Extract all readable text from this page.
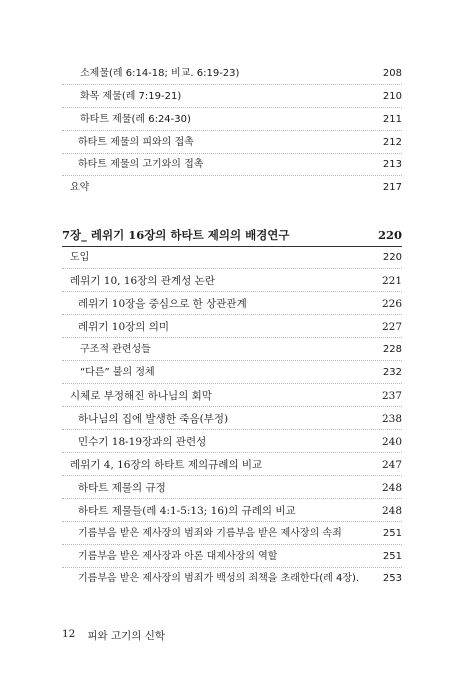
소제물(레 6:14-18; 비교. 6:19-23)	208
화목 제물(레 7:19-21)	210
하타트 제물(레 6:24-30)	211
하타트 제물의 피와의 접촉	212
하타트 제물의 고기와의 접촉	213
요약	217
7장_ 레위기 16장의 하타트 제의의 배경연구	220
도입	220
레위기 10, 16장의 관계성 논란	221
레위기 10장을 중심으로 한 상관관계	226
레위기 10장의 의미	227
구조적 관련성들	228
“다른” 불의 정체	232
시체로 부정해진 하나님의 회막	237
하나님의 집에 발생한 죽음(부정)	238
민수기 18-19장과의 관련성	240
레위기 4, 16장의 하타트 제의규례의 비교	247
하타트 제물의 규정	248
하타트 제물들(레 4:1-5:13; 16)의 규례의 비교	248
기름부음 받은 제사장의 범죄와 기름부음 받은 제사장의 속죄	251
기름부음 받은 제사장과 아론 대제사장의 역할	251
기름부음 받은 제사장의 범죄가 백성의 죄책을 초래한다(레 4장).	253
12 피와 고기의 신학
